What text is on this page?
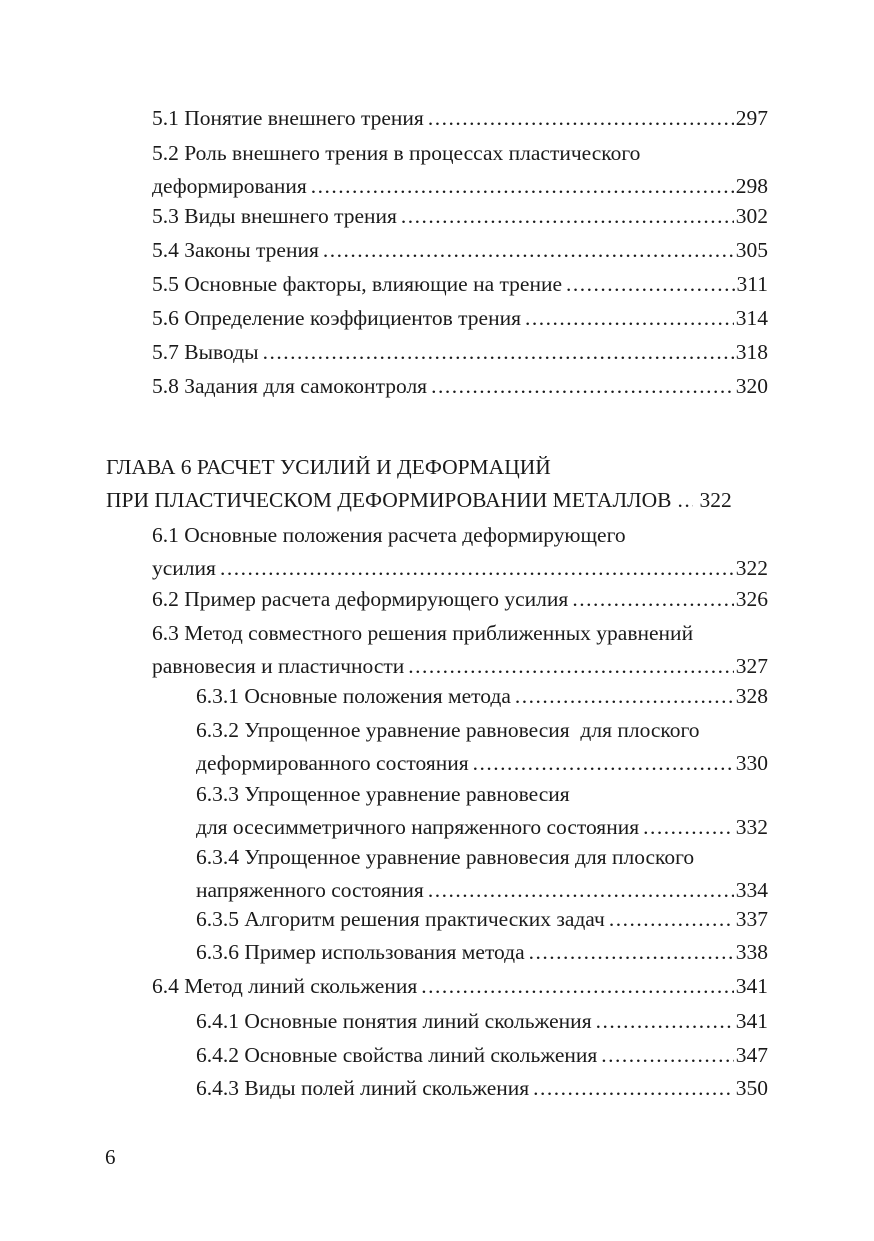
5.1 Понятие внешнего трения .....	297
5.2 Роль внешнего трения в процессах пластического
деформирования .....	298
5.3 Виды внешнего трения .....	302
5.4 Законы трения .....	305
5.5 Основные факторы, влияющие на трение .....	311
5.6 Определение коэффициентов трения .....	314
5.7 Выводы .....	318
5.8 Задания для самоконтроля .....	320
ГЛАВА 6 РАСЧЕТ УСИЛИЙ И ДЕФОРМАЦИЙ
ПРИ ПЛАСТИЧЕСКОМ ДЕФОРМИРОВАНИИ МЕТАЛЛОВ ..... 322
6.1 Основные положения расчета деформирующего
усилия .....	322
6.2 Пример расчета деформирующего усилия .....	326
6.3 Метод совместного решения приближенных уравнений
равновесия и пластичности .....	327
6.3.1 Основные положения метода .....	328
6.3.2 Упрощенное уравнение равновесия  для плоского
деформированного состояния .....	330
6.3.3 Упрощенное уравнение равновесия
для осесимметричного напряженного состояния .....	332
6.3.4 Упрощенное уравнение равновесия для плоского
напряженного состояния .....	334
6.3.5 Алгоритм решения практических задач .....	337
6.3.6 Пример использования метода .....	338
6.4 Метод линий скольжения .....	341
6.4.1 Основные понятия линий скольжения .....	341
6.4.2 Основные свойства линий скольжения .....	347
6.4.3 Виды полей линий скольжения .....	350
6
